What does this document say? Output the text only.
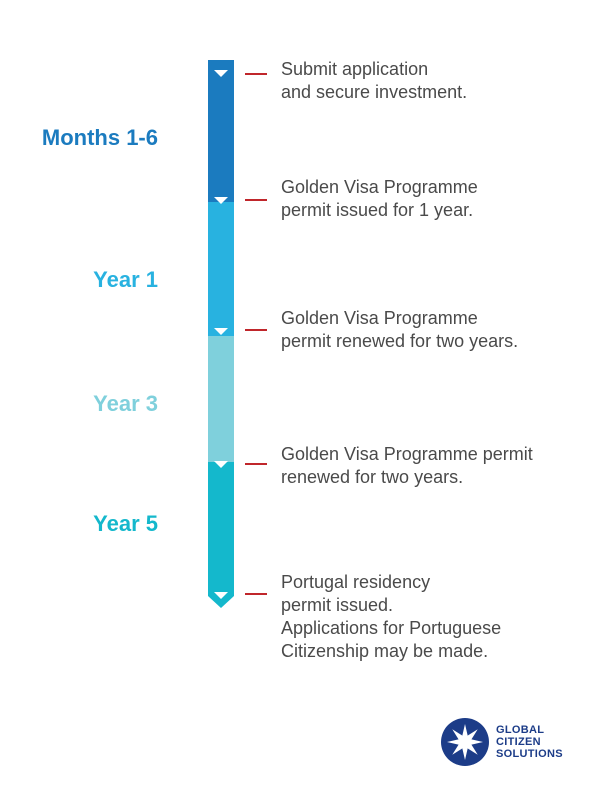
Months 1-6
Year 1
Year 3
Year 5
Submit application
and secure investment.
Golden Visa Programme
permit issued for 1 year.
Golden Visa Programme
permit renewed for two years.
Golden Visa Programme permit
renewed for two years.
Portugal residency
permit issued.
Applications for Portuguese
Citizenship may be made.
GLOBAL
CITIZEN
SOLUTIONS
